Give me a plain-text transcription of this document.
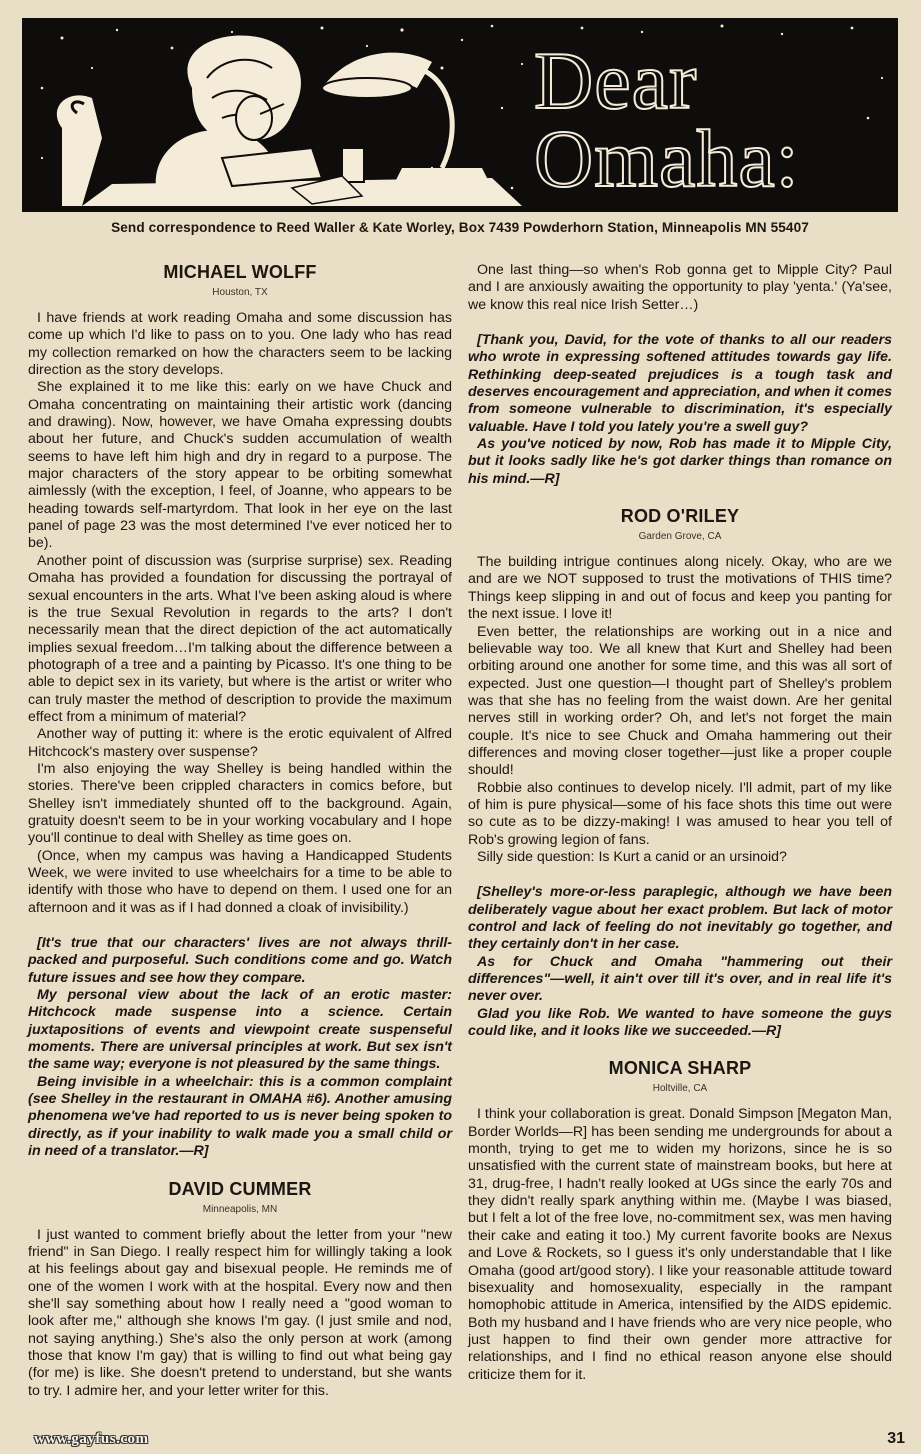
Dear
Omaha:
Send correspondence to Reed Waller & Kate Worley, Box 7439 Powderhorn Station, Minneapolis MN 55407
MICHAEL WOLFF
Houston, TX

I have friends at work reading Omaha and some discussion has come up which I'd like to pass on to you. One lady who has read my collection remarked on how the characters seem to be lacking direction as the story develops.

She explained it to me like this: early on we have Chuck and Omaha concentrating on maintaining their artistic work (dancing and drawing). Now, however, we have Omaha expressing doubts about her future, and Chuck's sudden accumulation of wealth seems to have left him high and dry in regard to a purpose. The major characters of the story appear to be orbiting somewhat aimlessly (with the exception, I feel, of Joanne, who appears to be heading towards self-martyrdom. That look in her eye on the last panel of page 23 was the most determined I've ever noticed her to be).

Another point of discussion was (surprise surprise) sex. Reading Omaha has provided a foundation for discussing the portrayal of sexual encounters in the arts. What I've been asking aloud is where is the true Sexual Revolution in regards to the arts? I don't necessarily mean that the direct depiction of the act automatically implies sexual freedom…I'm talking about the difference between a photograph of a tree and a painting by Picasso. It's one thing to be able to depict sex in its variety, but where is the artist or writer who can truly master the method of description to provide the maximum effect from a minimum of material?

Another way of putting it: where is the erotic equivalent of Alfred Hitchcock's mastery over suspense?

I'm also enjoying the way Shelley is being handled within the stories. There've been crippled characters in comics before, but Shelley isn't immediately shunted off to the background. Again, gratuity doesn't seem to be in your working vocabulary and I hope you'll continue to deal with Shelley as time goes on.

(Once, when my campus was having a Handicapped Students Week, we were invited to use wheelchairs for a time to be able to identify with those who have to depend on them. I used one for an afternoon and it was as if I had donned a cloak of invisibility.)

[It's true that our characters' lives are not always thrill-packed and purposeful. Such conditions come and go. Watch future issues and see how they compare.

My personal view about the lack of an erotic master: Hitchcock made suspense into a science. Certain juxtapositions of events and viewpoint create suspenseful moments. There are universal principles at work. But sex isn't the same way; everyone is not pleasured by the same things.

Being invisible in a wheelchair: this is a common complaint (see Shelley in the restaurant in OMAHA #6). Another amusing phenomena we've had reported to us is never being spoken to directly, as if your inability to walk made you a small child or in need of a translator.—R]

DAVID CUMMER
Minneapolis, MN

I just wanted to comment briefly about the letter from your "new friend" in San Diego. I really respect him for willingly taking a look at his feelings about gay and bisexual people. He reminds me of one of the women I work with at the hospital. Every now and then she'll say something about how I really need a "good woman to look after me," although she knows I'm gay. (I just smile and nod, not saying anything.) She's also the only person at work (among those that know I'm gay) that is willing to find out what being gay (for me) is like. She doesn't pretend to understand, but she wants to try. I admire her, and your letter writer for this.

One last thing—so when's Rob gonna get to Mipple City? Paul and I are anxiously awaiting the opportunity to play 'yenta.' (Ya'see, we know this real nice Irish Setter…)

[Thank you, David, for the vote of thanks to all our readers who wrote in expressing softened attitudes towards gay life. Rethinking deep-seated prejudices is a tough task and deserves encouragement and appreciation, and when it comes from someone vulnerable to discrimination, it's especially valuable. Have I told you lately you're a swell guy?

As you've noticed by now, Rob has made it to Mipple City, but it looks sadly like he's got darker things than romance on his mind.—R]

ROD O'RILEY
Garden Grove, CA

The building intrigue continues along nicely. Okay, who are we and are we NOT supposed to trust the motivations of THIS time? Things keep slipping in and out of focus and keep you panting for the next issue. I love it!

Even better, the relationships are working out in a nice and believable way too. We all knew that Kurt and Shelley had been orbiting around one another for some time, and this was all sort of expected. Just one question—I thought part of Shelley's problem was that she has no feeling from the waist down. Are her genital nerves still in working order? Oh, and let's not forget the main couple. It's nice to see Chuck and Omaha hammering out their differences and moving closer together—just like a proper couple should!

Robbie also continues to develop nicely. I'll admit, part of my like of him is pure physical—some of his face shots this time out were so cute as to be dizzy-making! I was amused to hear you tell of Rob's growing legion of fans.

Silly side question: Is Kurt a canid or an ursinoid?

[Shelley's more-or-less paraplegic, although we have been deliberately vague about her exact problem. But lack of motor control and lack of feeling do not inevitably go together, and they certainly don't in her case.

As for Chuck and Omaha "hammering out their differences"—well, it ain't over till it's over, and in real life it's never over.

Glad you like Rob. We wanted to have someone the guys could like, and it looks like we succeeded.—R]

MONICA SHARP
Holtville, CA

I think your collaboration is great. Donald Simpson [Megaton Man, Border Worlds—R] has been sending me undergrounds for about a month, trying to get me to widen my horizons, since he is so unsatisfied with the current state of mainstream books, but here at 31, drug-free, I hadn't really looked at UGs since the early 70s and they didn't really spark anything within me. (Maybe I was biased, but I felt a lot of the free love, no-commitment sex, was men having their cake and eating it too.) My current favorite books are Nexus and Love & Rockets, so I guess it's only understandable that I like Omaha (good art/good story). I like your reasonable attitude toward bisexuality and homosexuality, especially in the rampant homophobic attitude in America, intensified by the AIDS epidemic. Both my husband and I have friends who are very nice people, who just happen to find their own gender more attractive for relationships, and I find no ethical reason anyone else should criticize them for it.

www.gayfus.com	31
